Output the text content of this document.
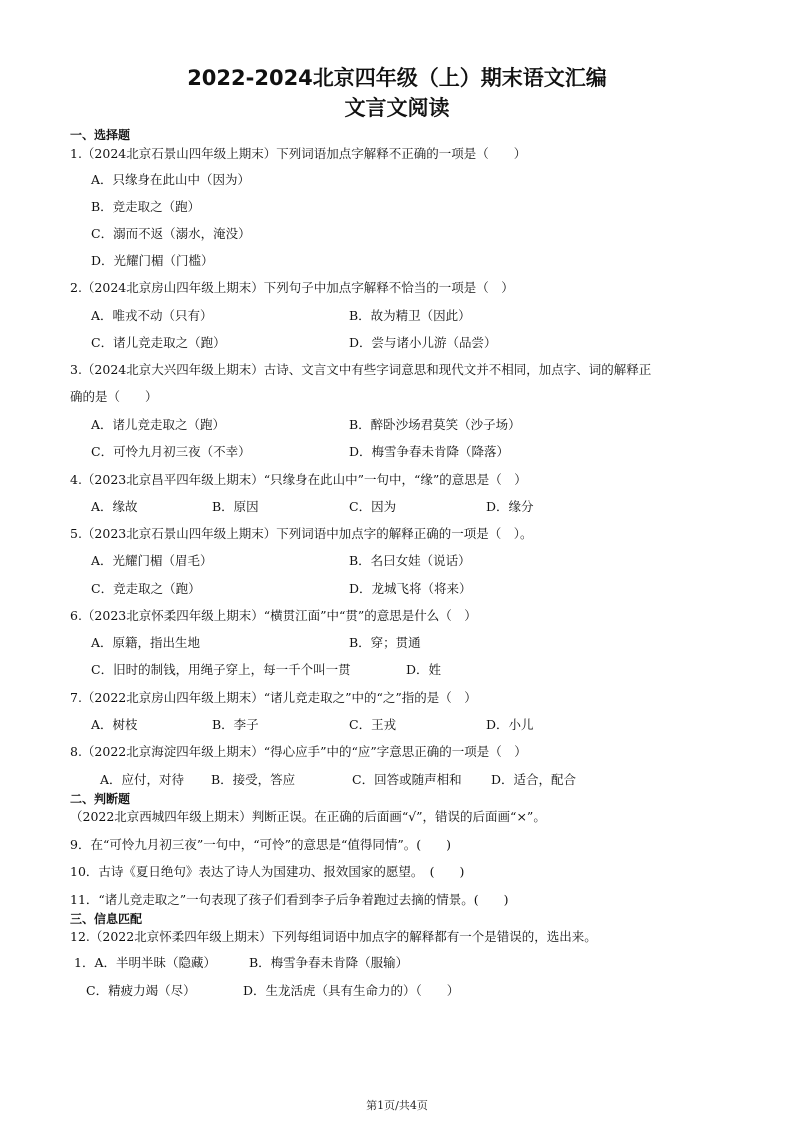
2022-2024北京四年级（上）期末语文汇编
文言文阅读
一、选择题
1.（2024北京石景山四年级上期末）下列词语加点字解释不正确的一项是（　　）
A．只缘身在此山中（因为）
B．竞走取之（跑）
C．溺而不返（溺水，淹没）
D．光耀门楣（门槛）
2.（2024北京房山四年级上期末）下列句子中加点字解释不恰当的一项是（　）
A．唯戎不动（只有）	B．故为精卫（因此）
C．诸儿竞走取之（跑）	D．尝与诸小儿游（品尝）
3.（2024北京大兴四年级上期末）古诗、文言文中有些字词意思和现代文并不相同，加点字、词的解释正
确的是（　　）
A．诸儿竞走取之（跑）	B．醉卧沙场君莫笑（沙子场）
C．可怜九月初三夜（不幸）	D．梅雪争春未肯降（降落）
4.（2023北京昌平四年级上期末）“只缘身在此山中”一句中，“缘”的意思是（　）
A．缘故	B．原因	C．因为	D．缘分
5.（2023北京石景山四年级上期末）下列词语中加点字的解释正确的一项是（　）。
A．光耀门楣（眉毛）	B．名曰女娃（说话）
C．竞走取之（跑）	D．龙城飞将（将来）
6.（2023北京怀柔四年级上期末）“横贯江面”中“贯”的意思是什么（　）
A．原籍，指出生地	B．穿；贯通
C．旧时的制钱，用绳子穿上，每一千个叫一贯	D．姓
7.（2022北京房山四年级上期末）“诸儿竞走取之”中的“之”指的是（　）
A．树枝	B．李子	C．王戎	D．小儿
8.（2022北京海淀四年级上期末）“得心应手”中的“应”字意思正确的一项是（　）
A．应付，对待 B．接受，答应	C．回答或随声相和 D．适合，配合
二、判断题
（2022北京西城四年级上期末）判断正误。在正确的后面画“√”，错误的后面画“×”。
9．在“可怜九月初三夜”一句中，“可怜”的意思是“值得同情”。(　　)
10．古诗《夏日绝句》表达了诗人为国建功、报效国家的愿望。　(　　)
11．“诸儿竞走取之”一句表现了孩子们看到李子后争着跑过去摘的情景。(　　)
三、信息匹配
12.（2022北京怀柔四年级上期末）下列每组词语中加点字的解释都有一个是错误的，选出来。
1．A．半明半昧（隐藏）	B．梅雪争春未肯降（服输）
C．精疲力竭（尽）	D．生龙活虎（具有生命力的）（　　）
第1页/共4页
